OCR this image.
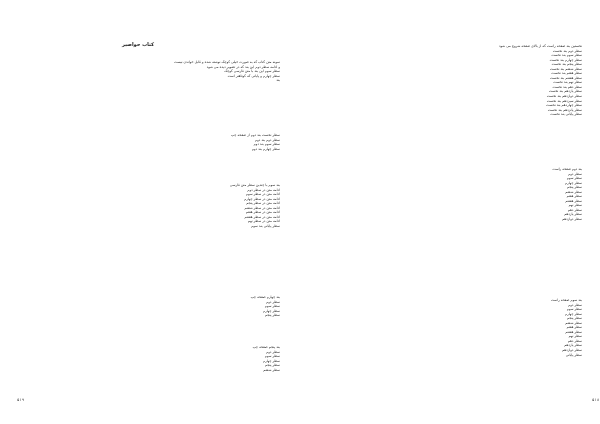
کتاب حواصیر
نمونه متن کتاب که به صورت خیلی کوچک نوشته شده و قابل خواندن نیست
و ادامه سطر دوم این بند که در تصویر دیده می شود
سطر سوم این بند با متن فارسی کوچک
سطر چهارم و پایانی که کوتاهتر است
بند
سطر نخست بند دوم از صفحه چپ
سطر دوم بند دوم
سطر سوم بند دوم
سطر چهارم بند دوم
بند سوم با چندین سطر متن فارسی
ادامه متن در سطر دوم
ادامه متن در سطر سوم
ادامه متن در سطر چهارم
ادامه متن در سطر پنجم
ادامه متن در سطر ششم
ادامه متن در سطر هفتم
ادامه متن در سطر هشتم
ادامه متن در سطر نهم
سطر پایانی بند سوم
بند چهارم صفحه چپ
سطر دوم
سطر سوم
سطر چهارم
سطر پنجم
بند پنجم صفحه چپ
سطر دوم
سطر سوم
سطر چهارم
سطر پنجم
سطر ششم
۵۱۹
نخستین بند صفحه راست که از بالای صفحه شروع می شود
سطر دوم بند نخست
سطر سوم بند نخست
سطر چهارم بند نخست
سطر پنجم بند نخست
سطر ششم بند نخست
سطر هفتم بند نخست
سطر هشتم بند نخست
سطر نهم بند نخست
سطر دهم بند نخست
سطر یازدهم بند نخست
سطر دوازدهم بند نخست
سطر سیزدهم بند نخست
سطر چهاردهم بند نخست
سطر پانزدهم بند نخست
سطر پایانی بند نخست
بند دوم صفحه راست
سطر دوم
سطر سوم
سطر چهارم
سطر پنجم
سطر ششم
سطر هفتم
سطر هشتم
سطر نهم
سطر دهم
سطر یازدهم
سطر دوازدهم
بند سوم صفحه راست
سطر دوم
سطر سوم
سطر چهارم
سطر پنجم
سطر ششم
سطر هفتم
سطر هشتم
سطر نهم
سطر دهم
سطر یازدهم
سطر دوازدهم
سطر پایانی
۵۱۸
